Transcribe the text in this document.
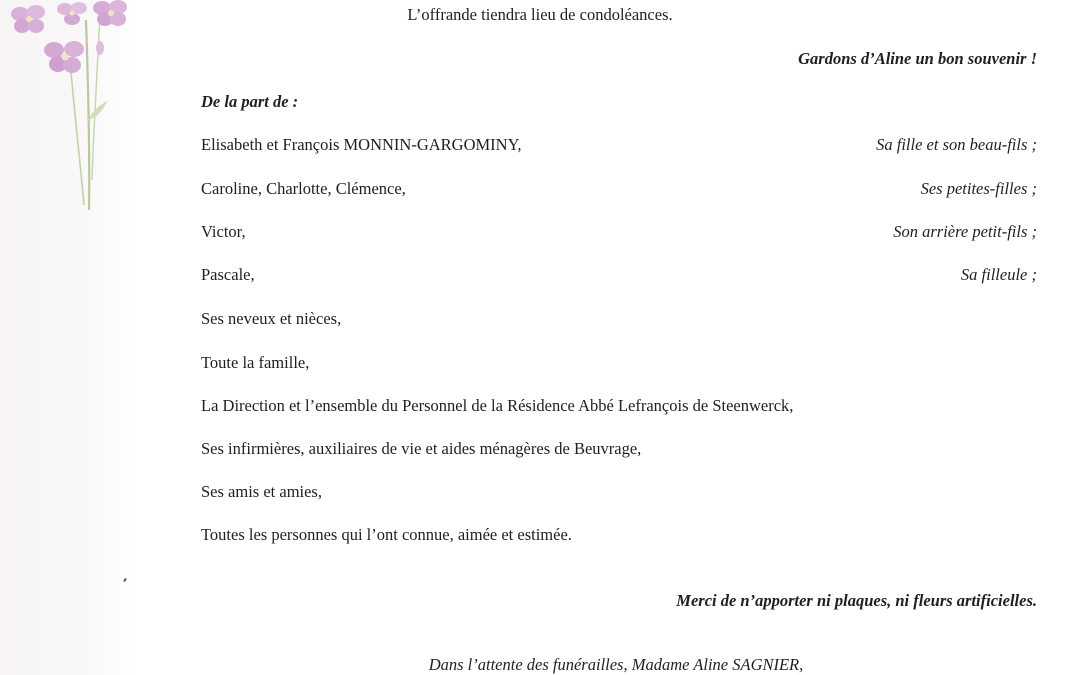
L’offrande tiendra lieu de condoléances.
Gardons d’Aline un bon souvenir !
De la part de :
Elisabeth et François MONNIN-GARGOMINY,	Sa fille et son beau-fils ;
Caroline, Charlotte, Clémence,	Ses petites-filles ;
Victor,	Son arrière petit-fils ;
Pascale,	Sa filleule ;
Ses neveux et nièces,
Toute la famille,
La Direction et l’ensemble du Personnel de la Résidence Abbé Lefrançois de Steenwerck,
Ses infirmières, auxiliaires de vie et aides ménagères de Beuvrage,
Ses amis et amies,
Toutes les personnes qui l’ont connue, aimée et estimée.
Merci de n’apporter ni plaques, ni fleurs artificielles.
Dans l’attente des funérailles, Madame Aline SAGNIER,
